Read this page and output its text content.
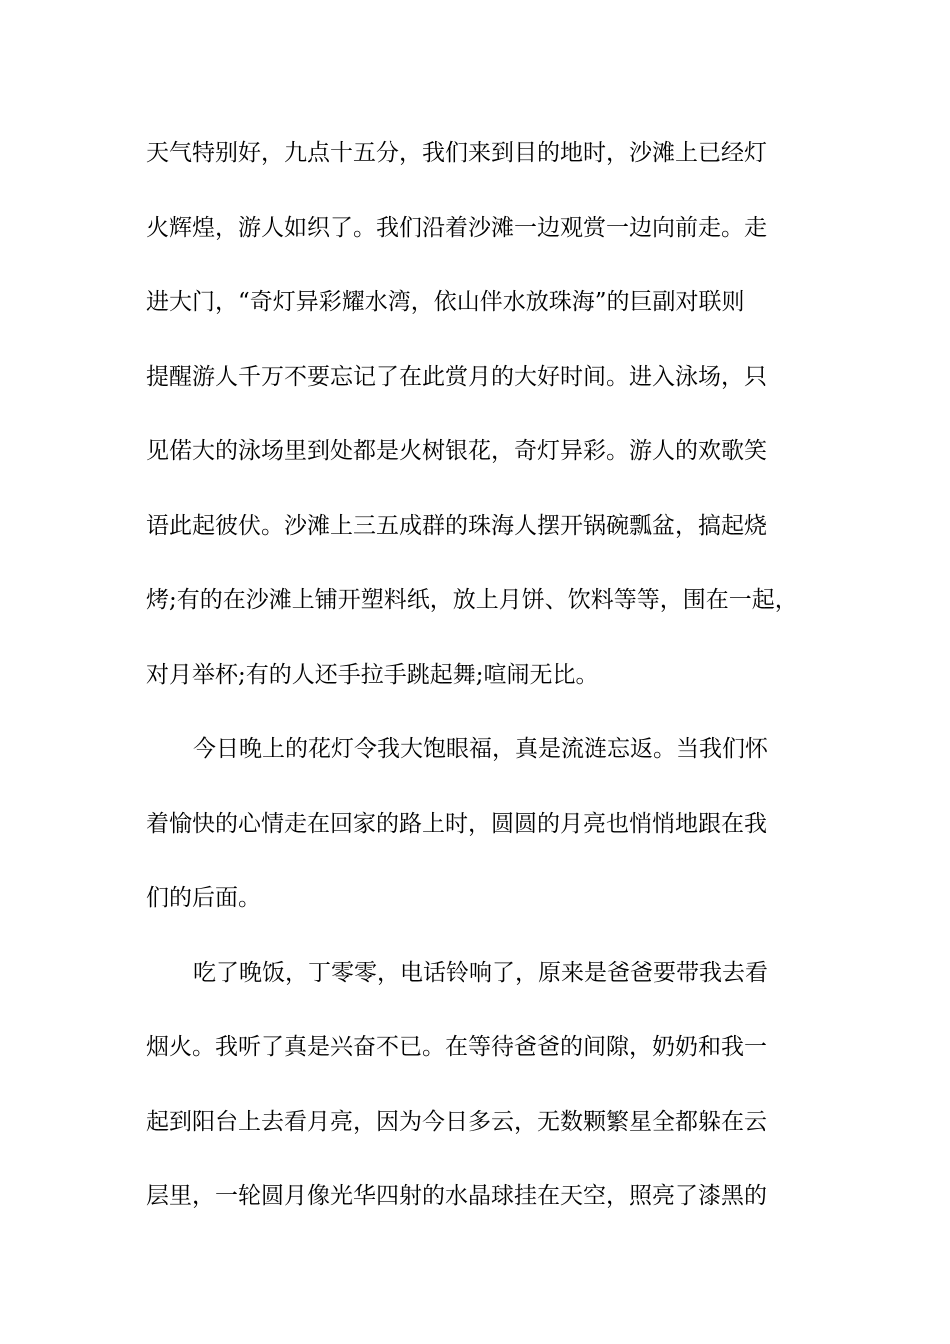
天气特别好，九点十五分，我们来到目的地时，沙滩上已经灯
火辉煌，游人如织了。我们沿着沙滩一边观赏一边向前走。走
进大门，“奇灯异彩耀水湾，依山伴水放珠海”的巨副对联则
提醒游人千万不要忘记了在此赏月的大好时间。进入泳场，只
见偌大的泳场里到处都是火树银花，奇灯异彩。游人的欢歌笑
语此起彼伏。沙滩上三五成群的珠海人摆开锅碗瓢盆，搞起烧
烤;有的在沙滩上铺开塑料纸，放上月饼、饮料等等，围在一起，
对月举杯;有的人还手拉手跳起舞;喧闹无比。
今日晚上的花灯令我大饱眼福，真是流涟忘返。当我们怀
着愉快的心情走在回家的路上时，圆圆的月亮也悄悄地跟在我
们的后面。
吃了晚饭，丁零零，电话铃响了，原来是爸爸要带我去看
烟火。我听了真是兴奋不已。在等待爸爸的间隙，奶奶和我一
起到阳台上去看月亮，因为今日多云，无数颗繁星全都躲在云
层里，一轮圆月像光华四射的水晶球挂在天空，照亮了漆黑的
